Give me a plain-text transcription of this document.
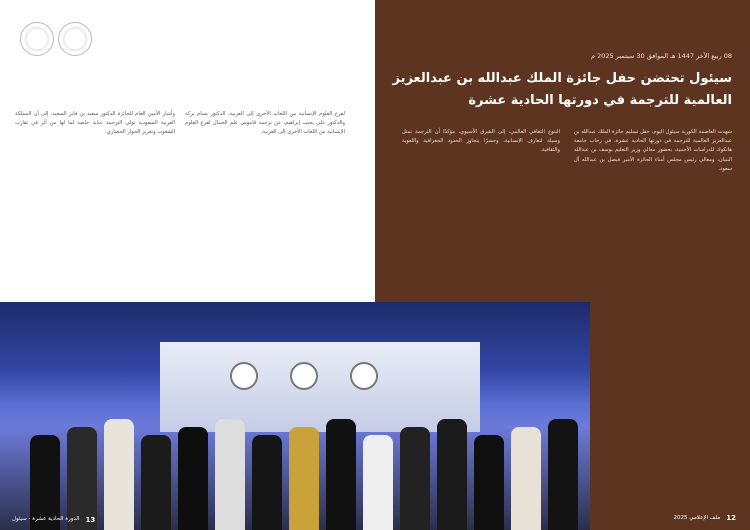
لفرع العلوم الإنسانية من اللغات الأخرى إلى العربية، الدكتور بسام بركة والدكتور علي نجيب إبراهيم، عن ترجمة قاموس علم الجمال لفرع العلوم الإنسانية من اللغات الأخرى إلى العربية.

وأشار الأمين العام للجائزة الدكتور سعيد بن فايز السعيد، إلى أن المملكة العربية السعودية تولي الترجمة عناية خاصة لما لها من أثر في تقارب الشعوب وتعزيز الحوار الحضاري.

08 ربيع الآخر 1447 هـ الموافق 30 سبتمبر 2025 م
سيئول تحتضن حفل جائزة الملك عبدالله بن عبدالعزيز العالمية للترجمة في دورتها الحادية عشرة

شهدت العاصمة الكورية سيئول اليوم، حفل تسليم جائزة الملك عبدالله بن عبدالعزيز العالمية للترجمة في دورتها الحادية عشرة، في رحاب جامعة هانكوك للدراسات الأجنبية، بحضور معالي وزير التعليم يوسف بن عبدالله البنيان، ومعالي رئيس مجلس أمناء الجائزة الأمير فيصل بن عبدالله آل سعود.

التنوع الثقافي العالمي، إلى الشرق الآسيوي، مؤكدًا أن الترجمة تمثل وسيلة لتعارف الإنسانية، وجسرًا يتجاوز الحدود الجغرافية واللغوية والثقافية.

13
الدورة الحادية عشرة - سيئول	12
ملف الإعلامي 2025
